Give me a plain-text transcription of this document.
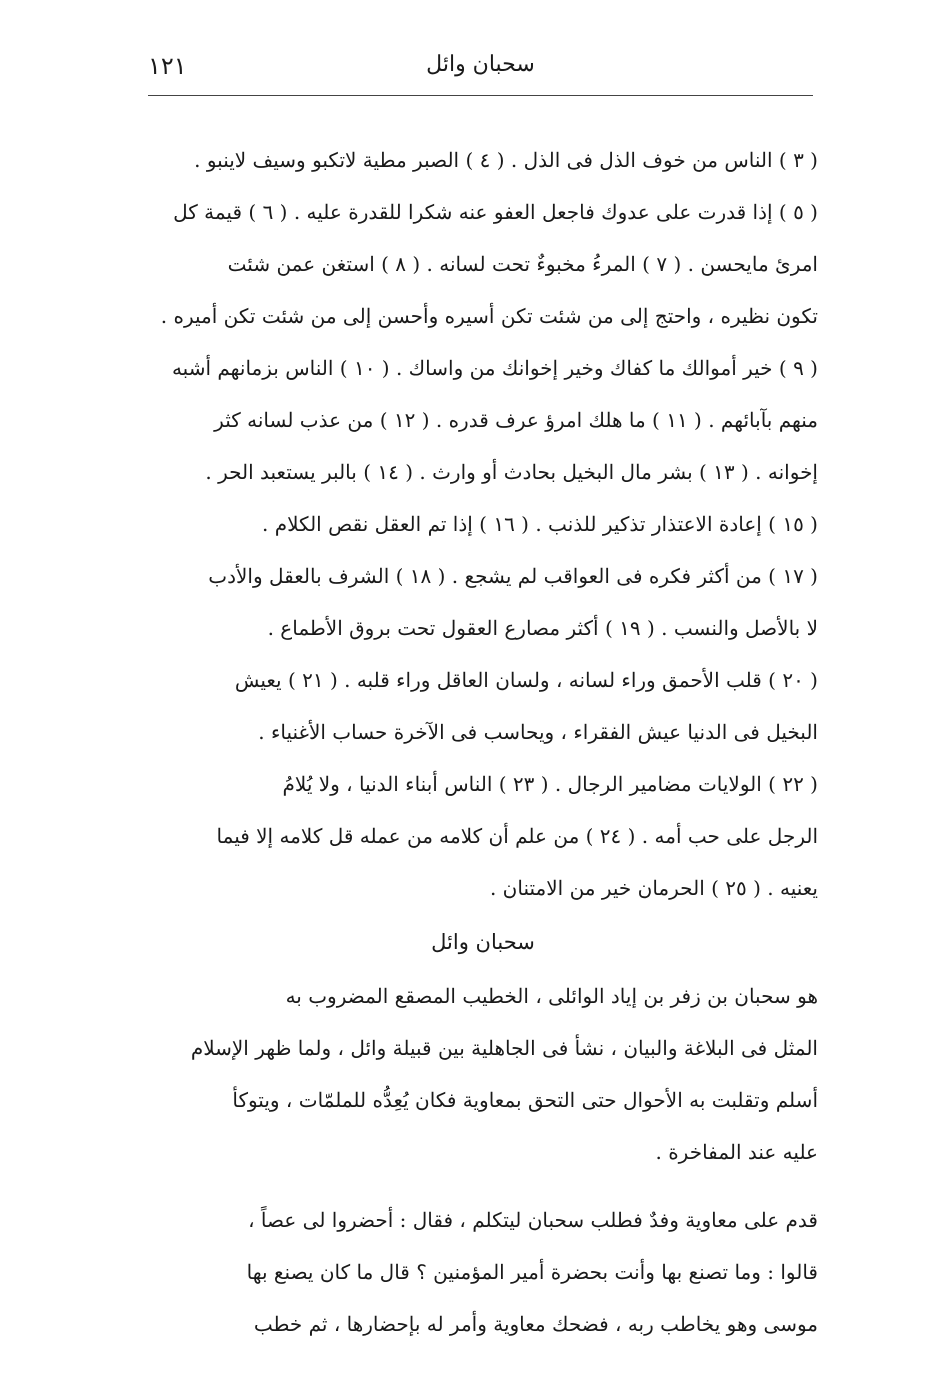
١٢١	سحبان وائل
( ٣ ) الناس من خوف الذل فى الذل . ( ٤ ) الصبر مطية لاتكبو وسيف لاينبو .
( ٥ ) إذا قدرت على عدوك فاجعل العفو عنه شكرا للقدرة عليه . ( ٦ ) قيمة كل
امرئ مايحسن . ( ٧ ) المرءُ مخبوءٌ تحت لسانه . ( ٨ ) استغن عمن شئت
تكون نظيره ، واحتج إلى من شئت تكن أسيره وأحسن إلى من شئت تكن أميره .
( ٩ ) خير أموالك ما كفاك وخير إخوانك من واساك . ( ١٠ ) الناس بزمانهم أشبه
منهم بآبائهم . ( ١١ ) ما هلك امرؤ عرف قدره . ( ١٢ ) من عذب لسانه كثر
إخوانه . ( ١٣ ) بشر مال البخيل بحادث أو وارث . ( ١٤ ) بالبر يستعبد الحر .
( ١٥ ) إعادة الاعتذار تذكير للذنب . ( ١٦ ) إذا تم العقل نقص الكلام .
( ١٧ ) من أكثر فكره فى العواقب لم يشجع . ( ١٨ ) الشرف بالعقل والأدب
لا بالأصل والنسب . ( ١٩ ) أكثر مصارع العقول تحت بروق الأطماع .
( ٢٠ ) قلب الأحمق وراء لسانه ، ولسان العاقل وراء قلبه . ( ٢١ ) يعيش
البخيل فى الدنيا عيش الفقراء ، ويحاسب فى الآخرة حساب الأغنياء .
( ٢٢ ) الولايات مضامير الرجال . ( ٢٣ ) الناس أبناء الدنيا ، ولا يُلامُ
الرجل على حب أمه . ( ٢٤ ) من علم أن كلامه من عمله قل كلامه إلا فيما
يعنيه . ( ٢٥ ) الحرمان خير من الامتنان .
سحبان وائل
هو سحبان بن زفر بن إياد الوائلى ، الخطيب المصقع المضروب به
المثل فى البلاغة والبيان ، نشأ فى الجاهلية بين قبيلة وائل ، ولما ظهر الإسلام
أسلم وتقلبت به الأحوال حتى التحق بمعاوية فكان يُعِدُّه للملمّات ، ويتوكأ
عليه عند المفاخرة .
قدم على معاوية وفدٌ فطلب سحبان ليتكلم ، فقال : أحضروا لى عصاً ،
قالوا : وما تصنع بها وأنت بحضرة أمير المؤمنين ؟ قال ما كان يصنع بها
موسى وهو يخاطب ربه ، فضحك معاوية وأمر له بإحضارها ، ثم خطب
